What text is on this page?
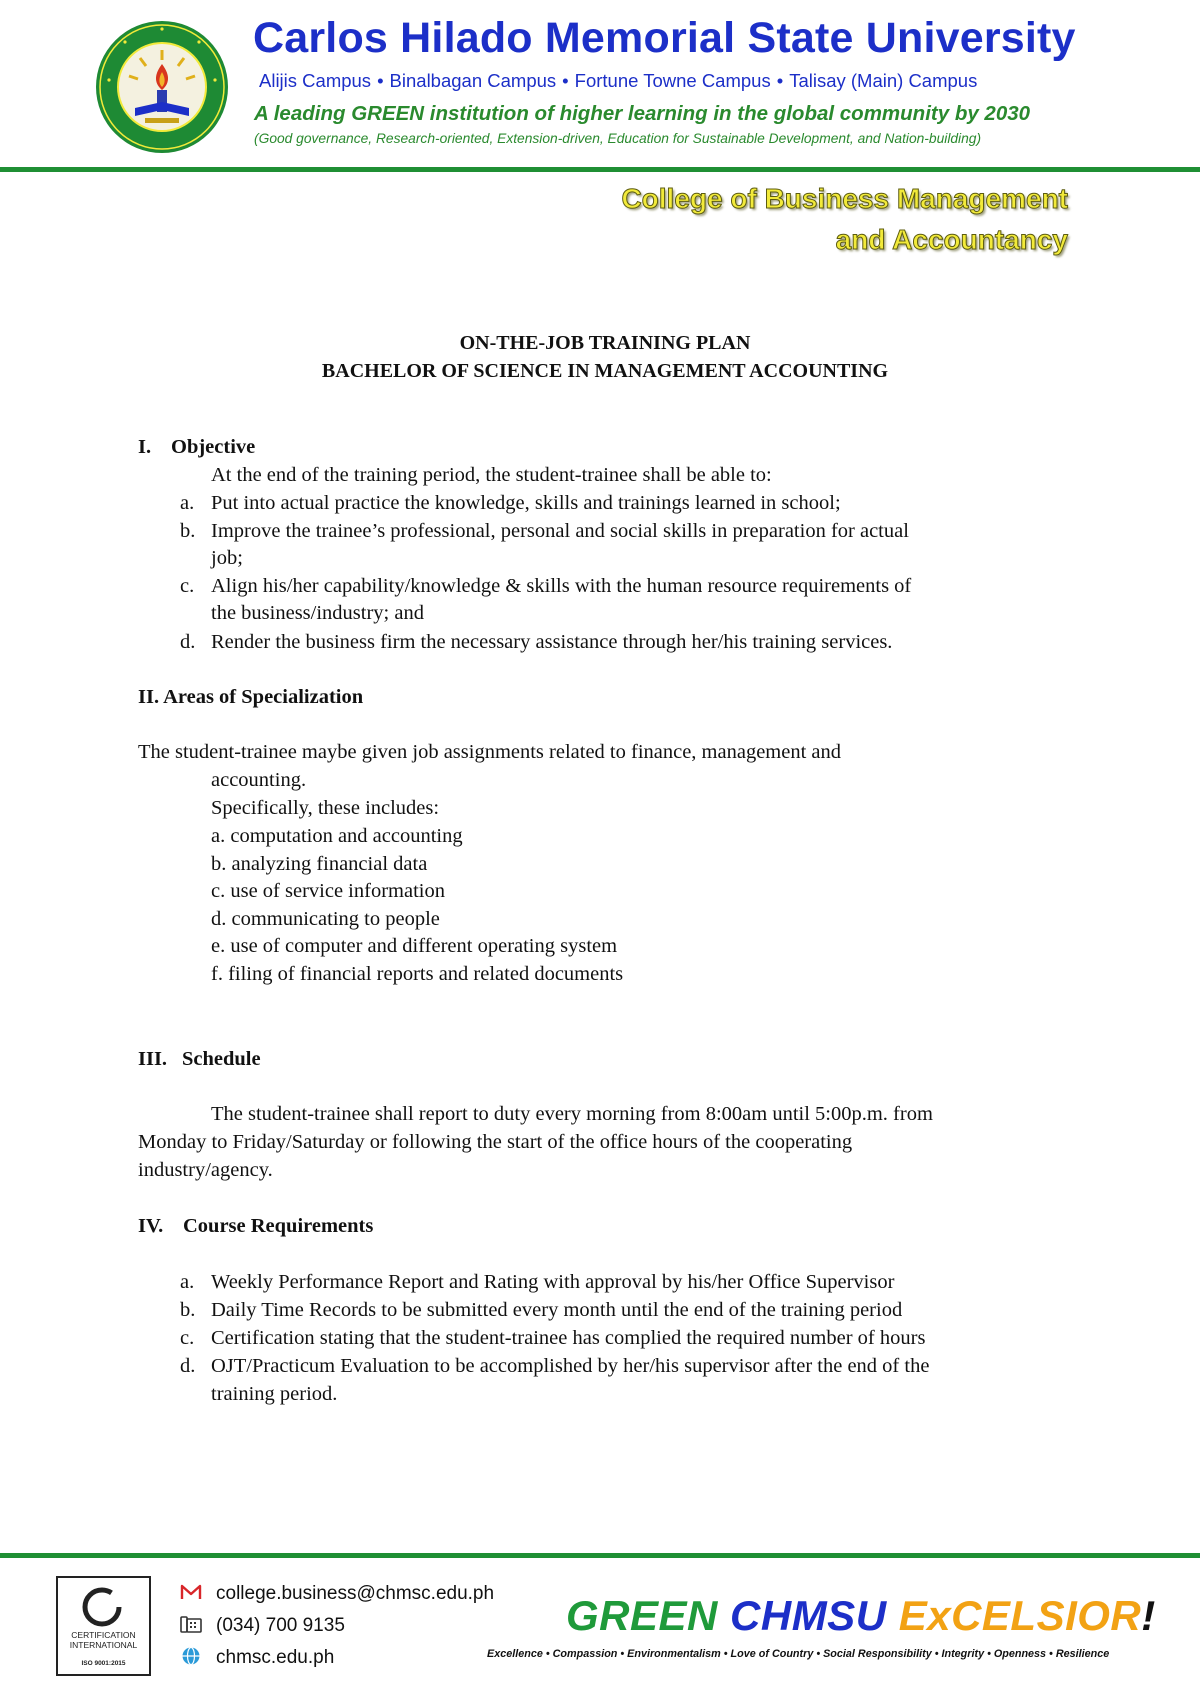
Carlos Hilado Memorial State University
Alijis Campus • Binalbagan Campus • Fortune Towne Campus • Talisay (Main) Campus
A leading GREEN institution of higher learning in the global community by 2030
(Good governance, Research-oriented, Extension-driven, Education for Sustainable Development, and Nation-building)
College of Business Management
and Accountancy
ON-THE-JOB TRAINING PLAN
BACHELOR OF SCIENCE IN MANAGEMENT ACCOUNTING
I. Objective
At the end of the training period, the student-trainee shall be able to:
a. Put into actual practice the knowledge, skills and trainings learned in school;
b. Improve the trainee’s professional, personal and social skills in preparation for actual
job;
c. Align his/her capability/knowledge & skills with the human resource requirements of
the business/industry; and
d. Render the business firm the necessary assistance through her/his training services.
II. Areas of Specialization
The student-trainee maybe given job assignments related to finance, management and
accounting.
Specifically, these includes:
a. computation and accounting
b. analyzing financial data
c. use of service information
d. communicating to people
e. use of computer and different operating system
f. filing of financial reports and related documents
III. Schedule
The student-trainee shall report to duty every morning from 8:00am until 5:00p.m. from
Monday to Friday/Saturday or following the start of the office hours of the cooperating
industry/agency.
IV. Course Requirements
a. Weekly Performance Report and Rating with approval by his/her Office Supervisor
b. Daily Time Records to be submitted every month until the end of the training period
c. Certification stating that the student-trainee has complied the required number of hours
d. OJT/Practicum Evaluation to be accomplished by her/his supervisor after the end of the
training period.
CERTIFICATION
INTERNATIONAL
ISO 9001:2015
college.business@chmsc.edu.ph
(034) 700 9135
chmsc.edu.ph
GREEN CHMSU ExCELSIOR!
Excellence • Compassion • Environmentalism • Love of Country • Social Responsibility • Integrity • Openness • Resilience
